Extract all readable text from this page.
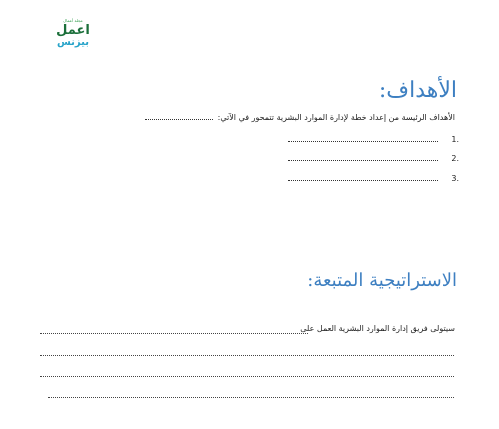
مجلة أعمال
اعمل
بيزنس
الأهداف:
الأهداف الرئيسة من إعداد خطة لإدارة الموارد البشرية تتمحور في الآتي:
.1
.2
.3
الاستراتيجية المتبعة:
سيتولى فريق إدارة الموارد البشرية العمل على
